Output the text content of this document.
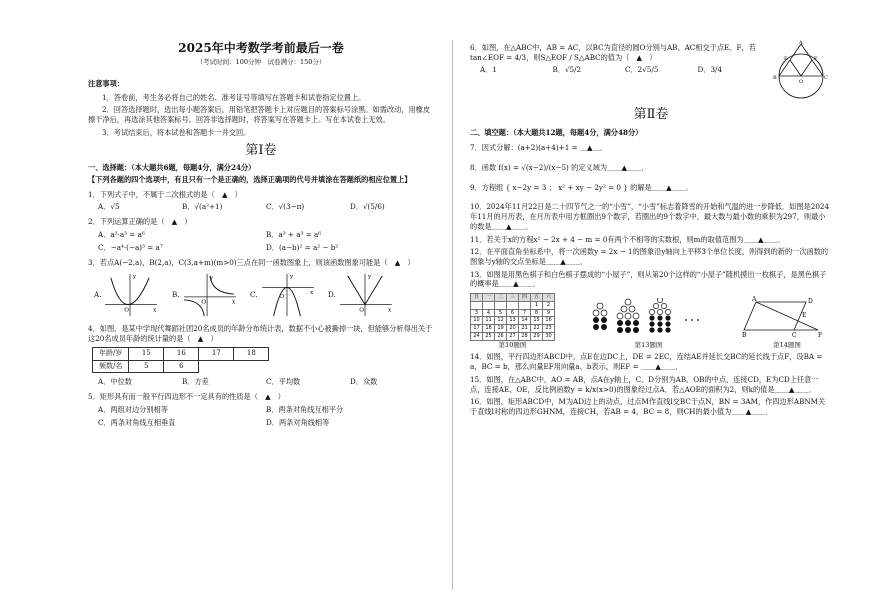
2025年中考数学考前最后一卷
（考试时间：100分钟　试卷满分：150分）
注意事项：
1．答卷前，考生务必将自己的姓名、准考证号等填写在答题卡和试卷指定位置上。
2．回答选择题时，选出每小题答案后，用铅笔把答题卡上对应题目的答案标号涂黑。如需改动，用橡皮擦干净后，再选涂其他答案标号。回答非选择题时，将答案写在答题卡上。写在本试卷上无效。
3．考试结束后，将本试卷和答题卡一并交回。
第Ⅰ卷
一、选择题：（本大题共6题，每题4分，满分24分）
【下列各题的四个选项中，有且只有一个是正确的，选择正确项的代号并填涂在答题纸的相应位置上】
1．下列式子中，不属于二次根式的是（　▲　）
A．√5	B．√(a²+1)	C．√(3−π)	D．√(5/6)
2．下列运算正确的是（　▲　）
A．a²·a³ = a⁶	B．a³ + a³ = a⁶
C．−a⁴·(−a)³ = a⁷	D．(a−b)² = a² − b²
3．若点A(−2,a)，B(2,a)，C(3,a+m)(m>0)三点在同一函数图象上，则该函数图象可能是（　▲　）
A.
y
x
O
B.
y
x
O
C.
y
x
O	D.
y
x
O
4．如图，是某中学现代舞蹈社团20名成员的年龄分布统计表，数据不小心被撕掉一块，但能够分析得出关于这20名成员年龄的统计量的是（　▲　）
年龄/岁	15	16	17	18
频数/名	5	6		
A．中位数	B．方差	C．平均数	D．众数
5．矩形具有而一般平行四边形不一定具有的性质是（　▲　）
A．两组对边分别相等	B．两条对角线互相平分
C．两条对角线互相垂直	D．两条对角线相等
6．如图，在△ABC中，AB = AC，以BC为直径的圆O分别与AB、AC相交于点E、F，若tan∠EOF = 4/3，则S△EOF / S△ABC的值为（　▲　）
A．1	B．√5/2	C．2√5/5	D．3/4
A
E	F
B
O
C
第Ⅱ卷
二、填空题：（本大题共12题，每题4分，满分48分）
7．因式分解：(a+2)(a+4)+1 = ＿▲＿．
8．函数 f(x) = √(x−2)/(x−5) 的定义域为＿＿▲＿＿．
9．方程组 { x−2y = 3 ； x² + xy − 2y² = 0 } 的解是＿＿▲＿＿．
10．2024年11月22日是二十四节气之一的“小雪”，“小雪”标志着降雪的开始和气温的进一步降低．如图是2024年11月的月历表，在月历表中用方框圈出9个数字，若圈出的9个数字中，最大数与最小数的乘积为297，则最小的数是＿＿▲＿＿．
11．若关于x的方程x² − 2x + 4 − m = 0有两个不相等的实数根，则m的取值范围为＿＿▲＿＿．
12．在平面直角坐标系中，将一次函数y = 2x − 1的图象沿y轴向上平移3个单位长度，则得到的新的一次函数的图象与y轴的交点坐标是＿＿▲＿＿．
13．如图是用黑色棋子和白色棋子摆成的“小屋子”，则从第20个这样的“小屋子”随机摸出一枚棋子，是黑色棋子的概率是＿＿▲＿＿．
日	一	二	三	四	五	六
					1	2
3	4	5	6	7	8	9
10	11	12	13	14	15	16
17	18	19	20	21	22	23
24	25	26	27	28	29	30
第10题图	第13题图
A	D
E
B	C	F
第14题图
14．如图，平行四边形ABCD中，点E在边DC上，DE = 2EC，连结AE并延长交BC的延长线于点F，设BA = a，BC = b，那么向量EF用向量a、b表示，则EF = ＿＿▲＿＿．
15．如图，在△ABC中，AO = AB，点A在y轴上，C、D分别为AB、OB的中点，连接CD，E为CD上任意一点，连接AE、OE，反比例函数y = k/x(x>0)的图象经过点A．若△AOE的面积为2，则k的值是＿＿▲＿＿．
16．如图，矩形ABCD中，M为AD边上的动点，过点M作直线l交BC于点N，BN = 3AM，作四边形ABNM关于直线l对称的四边形GHNM，连接CH，若AB = 4，BC = 8，则CH的最小值为＿＿▲＿＿．
